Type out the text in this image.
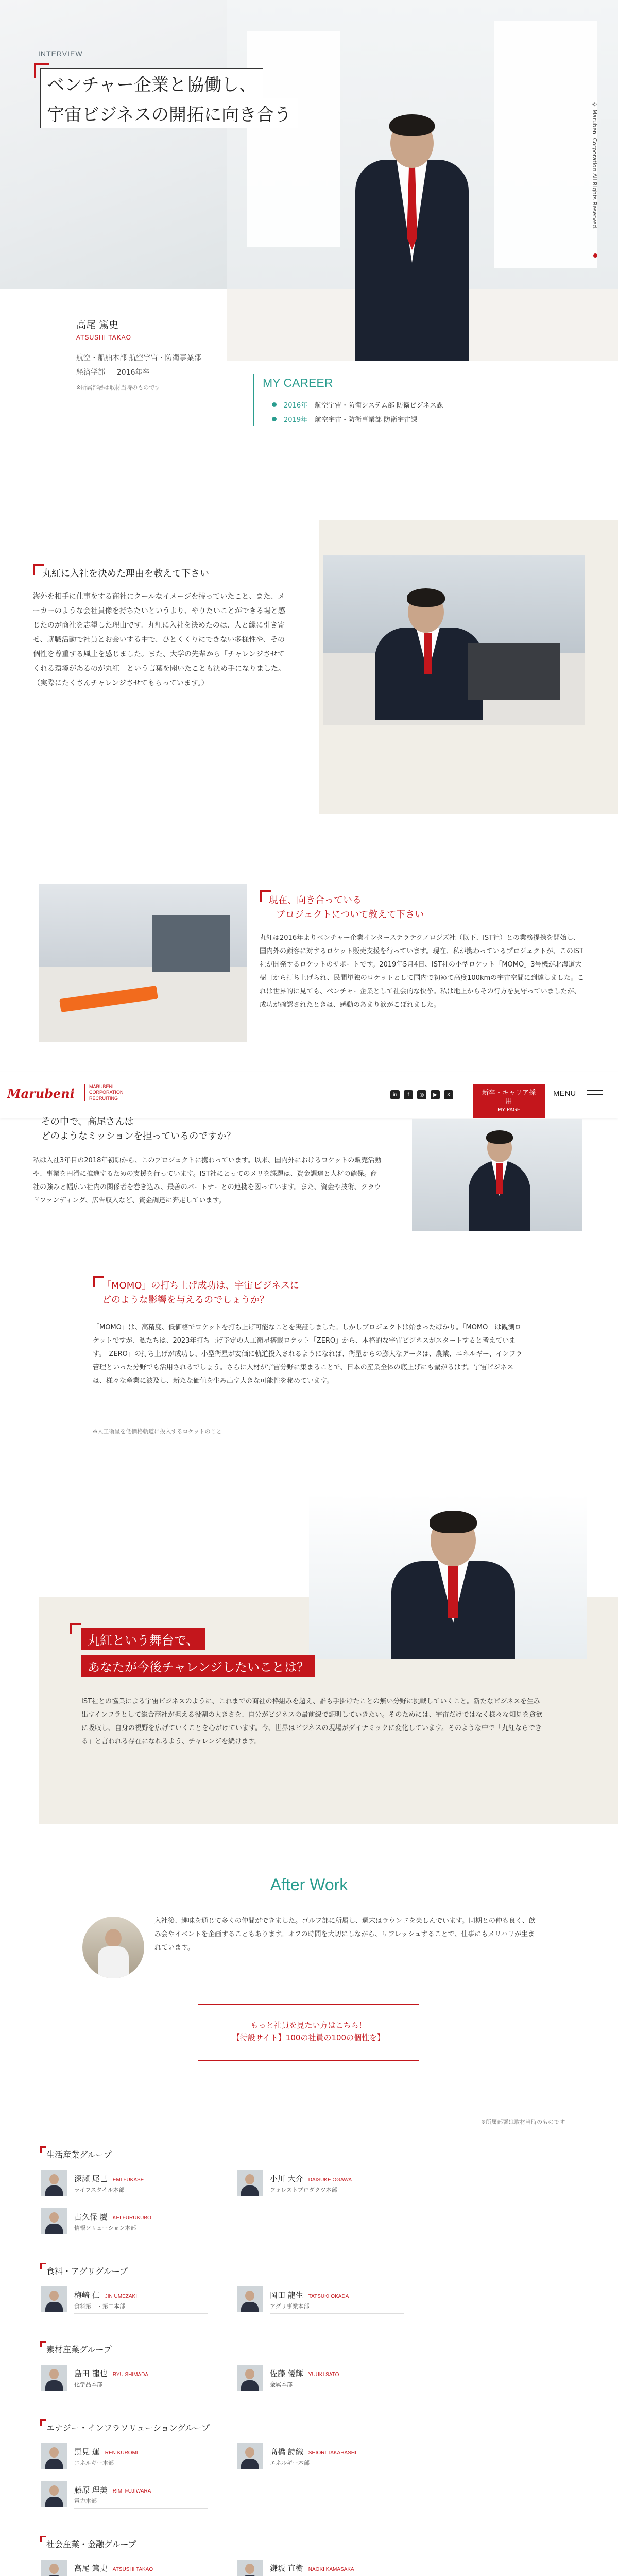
INTERVIEW
ベンチャー企業と協働し、
宇宙ビジネスの開拓に向き合う	© Marubeni Corporation All Rights Reserved.
高尾 篤史
ATSUSHI TAKAO
航空・船舶本部 航空宇宙・防衛事業部
経済学部 ｜ 2016年卒
※所属部署は取材当時のものです	MY CAREER
2016年 航空宇宙・防衛システム部 防衛ビジネス課
2019年 航空宇宙・防衛事業部 防衛宇宙課
丸紅に入社を決めた理由を教えて下さい
海外を相手に仕事をする商社にクールなイメージを持っていたこと、また、メーカーのような会社員像を持ちたいというより、やりたいことができる場と感じたのが商社を志望した理由です。丸紅に入社を決めたのは、人と縁に引き寄せ、就職活動で社員とお会いする中で、ひとくくりにできない多様性や、その個性を尊重する風土を感じました。また、大学の先輩から「チャレンジさせてくれる環境があるのが丸紅」という言葉を聞いたことも決め手になりました。（実際にたくさんチャレンジさせてもらっています。）
現在、向き合っている
プロジェクトについて教えて下さい
丸紅は2016年よりベンチャー企業インターステラテクノロジズ社（以下、IST社）との業務提携を開始し、国内外の顧客に対するロケット販売支援を行っています。現在、私が携わっているプロジェクトが、このIST社が開発するロケットのサポートです。2019年5月4日、IST社の小型ロケット「MOMO」3号機が北海道大樹町から打ち上げられ、民間単独のロケットとして国内で初めて高度100kmの宇宙空間に到達しました。これは世界的に見ても、ベンチャー企業として社会的な快挙。私は地上からその行方を見守っていましたが、成功が確認されたときは、感動のあまり涙がこぼれました。
Marubeni	MARUBENI
CORPORATION
RECRUITING
in	f	◎	▶	X	新卒・キャリア採用
MY PAGE
MENU
その中で、高尾さんは
どのようなミッションを担っているのですか？
私は入社3年目の2018年初頭から、このプロジェクトに携わっています。以来、国内外におけるロケットの販売活動や、事業を円滑に推進するための支援を行っています。IST社にとってのメリを課題は、資金調達と人材の確保。商社の強みと幅広い社内の関係者を巻き込み、最善のパートナーとの連携を図っています。また、資金や技術、クラウドファンディング、広告収入など、資金調達に奔走しています。
「MOMO」の打ち上げ成功は、宇宙ビジネスに
どのような影響を与えるのでしょうか？
「MOMO」は、高精度、低価格でロケットを打ち上げ可能なことを実証しました。しかしプロジェクトは始まったばかり。「MOMO」は観測ロケットですが、私たちは、2023年打ち上げ予定の人工衛星搭載ロケット「ZERO」から、本格的な宇宙ビジネスがスタートすると考えています。「ZERO」の打ち上げが成功し、小型衛星が安価に軌道投入されるようになれば、衛星からの膨大なデータは、農業、エネルギー、インフラ管理といった分野でも活用されるでしょう。さらに人材が宇宙分野に集まることで、日本の産業全体の底上げにも繋がるはず。宇宙ビジネスは、様々な産業に波及し、新たな価値を生み出す大きな可能性を秘めています。
※人工衛星を低価格軌道に投入するロケットのこと
丸紅という舞台で、
あなたが今後チャレンジしたいことは？
IST社との協業による宇宙ビジネスのように、これまでの商社の枠組みを超え、誰も手掛けたことの無い分野に挑戦していくこと。新たなビジネスを生み出すインフラとして総合商社が担える役割の大きさを、自分がビジネスの最前線で証明していきたい。そのためには、宇宙だけではなく様々な知見を貪欲に吸収し、自身の視野を広げていくことを心がけています。今、世界はビジネスの現場がダイナミックに変化しています。そのような中で「丸紅ならできる」と言われる存在になれるよう、チャレンジを続けます。
After Work
入社後、趣味を通じて多くの仲間ができました。ゴルフ部に所属し、週末はラウンドを楽しんでいます。同期との仲も良く、飲み会やイベントを企画することもあります。オフの時間を大切にしながら、リフレッシュすることで、仕事にもメリハリが生まれています。
もっと社員を見たい方はこちら！
【特設サイト】100の社員の100の個性を】
※所属部署は取材当時のものです
生活産業グループ
深瀬 尾巳 EMI FUKASE
ライフスタイル本部
小川 大介 DAISUKE OGAWA
フォレストプロダクツ本部
古久保 慶 KEI FURUKUBO
情報ソリューション本部
食料・アグリグループ
梅崎 仁 JIN UMEZAKI
食料第一・第二本部
岡田 龍生 TATSUKI OKADA
アグリ事業本部
素材産業グループ
島田 龍也 RYU SHIMADA
化学品本部
佐藤 優輝 YUUKI SATO
金属本部
エナジー・インフラソリューショングループ
黒見 蓮 REN KUROMI
エネルギー本部
髙橋 詩織 SHIORI TAKAHASHI
エネルギー本部
藤原 理美 RIMI FUJIWARA
電力本部
社会産業・金融グループ
高尾 篤史 ATSUSHI TAKAO	鎌坂 直樹 NAOKI KAMASAKA
